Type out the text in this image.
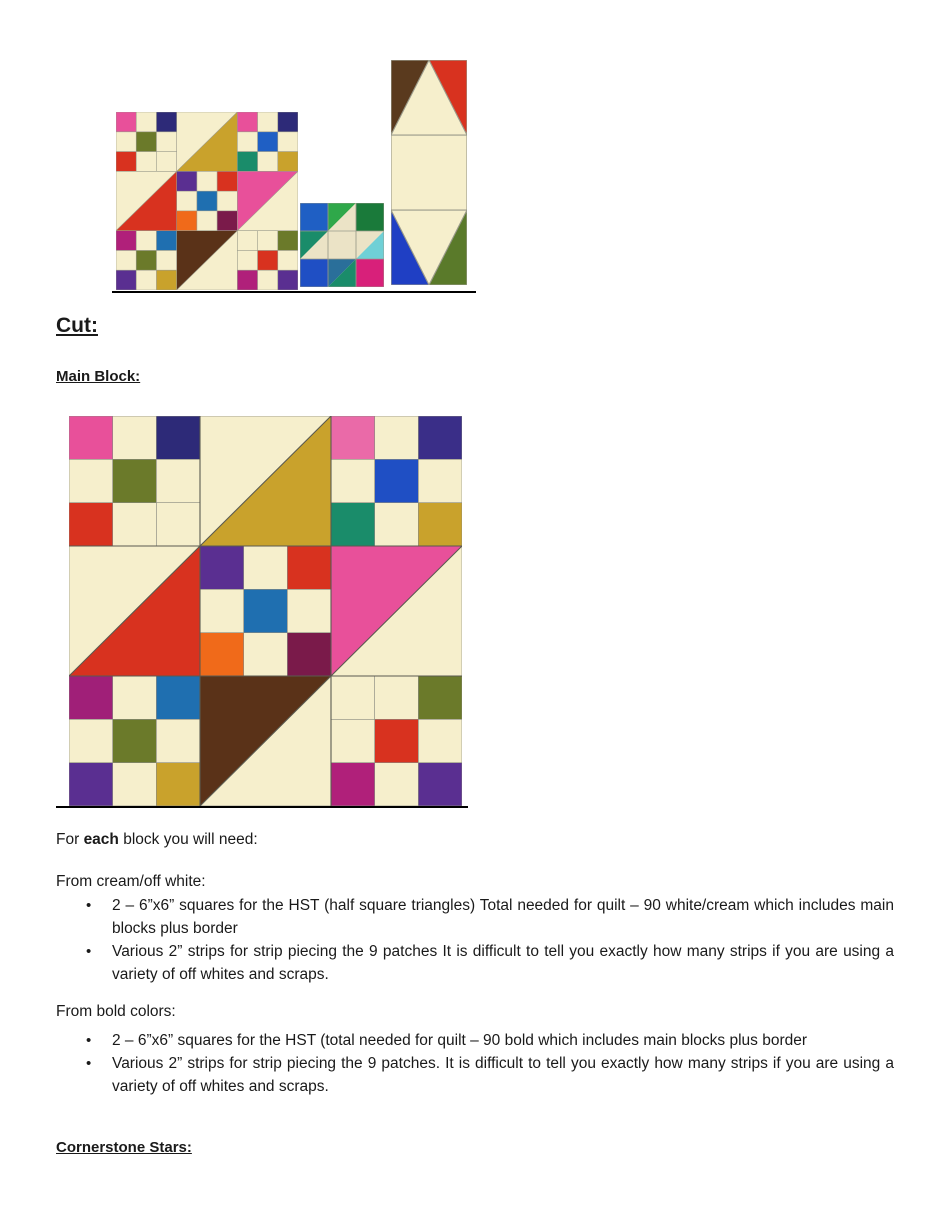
Cut:
Main Block:

For each block you will need:

From cream/off white:

• 2 – 6”x6” squares for the HST (half square triangles) Total needed for quilt – 90 white/cream which includes main blocks plus border
• Various 2” strips for strip piecing the 9 patches It is difficult to tell you exactly how many strips if you are using a variety of off whites and scraps.

From bold colors:

• 2 – 6”x6” squares for the HST (total needed for quilt – 90 bold which includes main blocks plus border
• Various 2” strips for strip piecing the 9 patches. It is difficult to tell you exactly how many strips if you are using a variety of off whites and scraps.
Cornerstone Stars:
